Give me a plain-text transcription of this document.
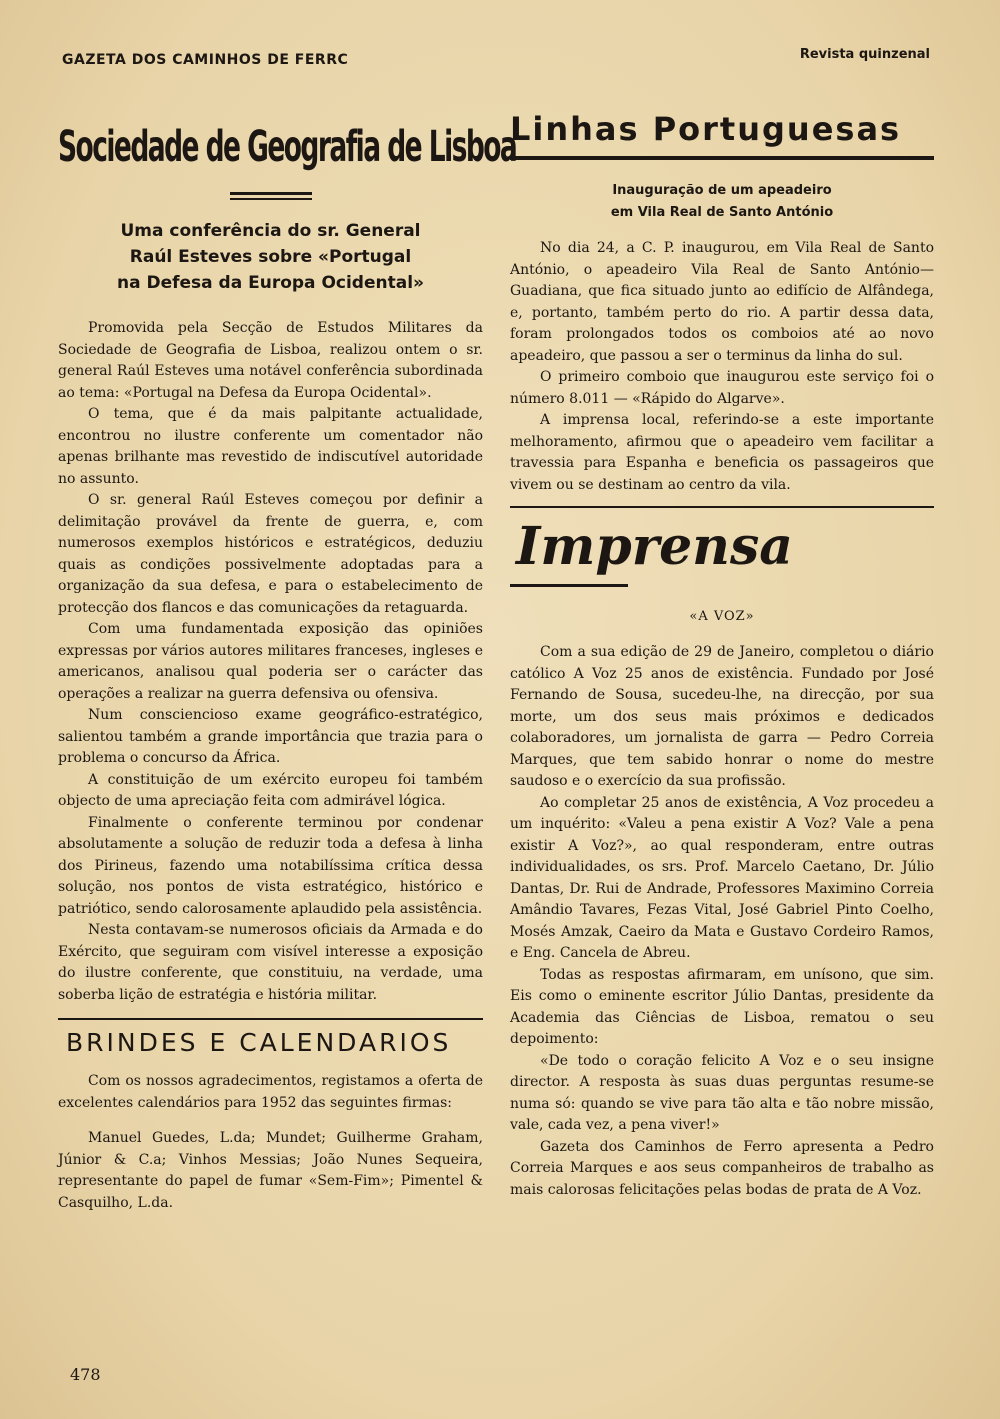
GAZETA DOS CAMINHOS DE FERRC	Revista quinzenal
Sociedade de Geografia de Lisboa
Uma conferência do sr. General
Raúl Esteves sobre «Portugal
na Defesa da Europa Ocidental»

Promovida pela Secção de Estudos Militares da Sociedade de Geografia de Lisboa, realizou ontem o sr. general Raúl Esteves uma notável conferência subordinada ao tema: «Portugal na Defesa da Europa Ocidental».

O tema, que é da mais palpitante actualidade, encontrou no ilustre conferente um comentador não apenas brilhante mas revestido de indiscutível autoridade no assunto.

O sr. general Raúl Esteves começou por definir a delimitação provável da frente de guerra, e, com numerosos exemplos históricos e estratégicos, deduziu quais as condições possivelmente adoptadas para a organização da sua defesa, e para o estabelecimento de protecção dos flancos e das comunicações da retaguarda.

Com uma fundamentada exposição das opiniões expressas por vários autores militares franceses, ingleses e americanos, analisou qual poderia ser o carácter das operações a realizar na guerra defensiva ou ofensiva.

Num consciencioso exame geográfico-estratégico, salientou também a grande importância que trazia para o problema o concurso da África.

A constituição de um exército europeu foi também objecto de uma apreciação feita com admirável lógica.

Finalmente o conferente terminou por condenar absolutamente a solução de reduzir toda a defesa à linha dos Pirineus, fazendo uma notabilíssima crítica dessa solução, nos pontos de vista estratégico, histórico e patriótico, sendo calorosamente aplaudido pela assistência.

Nesta contavam-se numerosos oficiais da Armada e do Exército, que seguiram com visível interesse a exposição do ilustre conferente, que constituiu, na verdade, uma soberba lição de estratégia e história militar.

BRINDES E CALENDARIOS

Com os nossos agradecimentos, registamos a oferta de excelentes calendários para 1952 das seguintes firmas:

Manuel Guedes, L.da; Mundet; Guilherme Graham, Júnior & C.a; Vinhos Messias; João Nunes Sequeira, representante do papel de fumar «Sem-Fim»; Pimentel & Casquilho, L.da.

Linhas Portuguesas
Inauguração de um apeadeiro
em Vila Real de Santo António

No dia 24, a C. P. inaugurou, em Vila Real de Santo António, o apeadeiro Vila Real de Santo António—Guadiana, que fica situado junto ao edifício de Alfândega, e, portanto, também perto do rio. A partir dessa data, foram prolongados todos os comboios até ao novo apeadeiro, que passou a ser o terminus da linha do sul.

O primeiro comboio que inaugurou este serviço foi o número 8.011 — «Rápido do Algarve».

A imprensa local, referindo-se a este importante melhoramento, afirmou que o apeadeiro vem facilitar a travessia para Espanha e beneficia os passageiros que vivem ou se destinam ao centro da vila.

Imprensa
«A VOZ»

Com a sua edição de 29 de Janeiro, completou o diário católico A Voz 25 anos de existência. Fundado por José Fernando de Sousa, sucedeu-lhe, na direcção, por sua morte, um dos seus mais próximos e dedicados colaboradores, um jornalista de garra — Pedro Correia Marques, que tem sabido honrar o nome do mestre saudoso e o exercício da sua profissão.

Ao completar 25 anos de existência, A Voz procedeu a um inquérito: «Valeu a pena existir A Voz? Vale a pena existir A Voz?», ao qual responderam, entre outras individualidades, os srs. Prof. Marcelo Caetano, Dr. Júlio Dantas, Dr. Rui de Andrade, Professores Maximino Correia Amândio Tavares, Fezas Vital, José Gabriel Pinto Coelho, Mosés Amzak, Caeiro da Mata e Gustavo Cordeiro Ramos, e Eng. Cancela de Abreu.

Todas as respostas afirmaram, em unísono, que sim. Eis como o eminente escritor Júlio Dantas, presidente da Academia das Ciências de Lisboa, rematou o seu depoimento:

«De todo o coração felicito A Voz e o seu insigne director. A resposta às suas duas perguntas resume-se numa só: quando se vive para tão alta e tão nobre missão, vale, cada vez, a pena viver!»

Gazeta dos Caminhos de Ferro apresenta a Pedro Correia Marques e aos seus companheiros de trabalho as mais calorosas felicitações pelas bodas de prata de A Voz.

478
